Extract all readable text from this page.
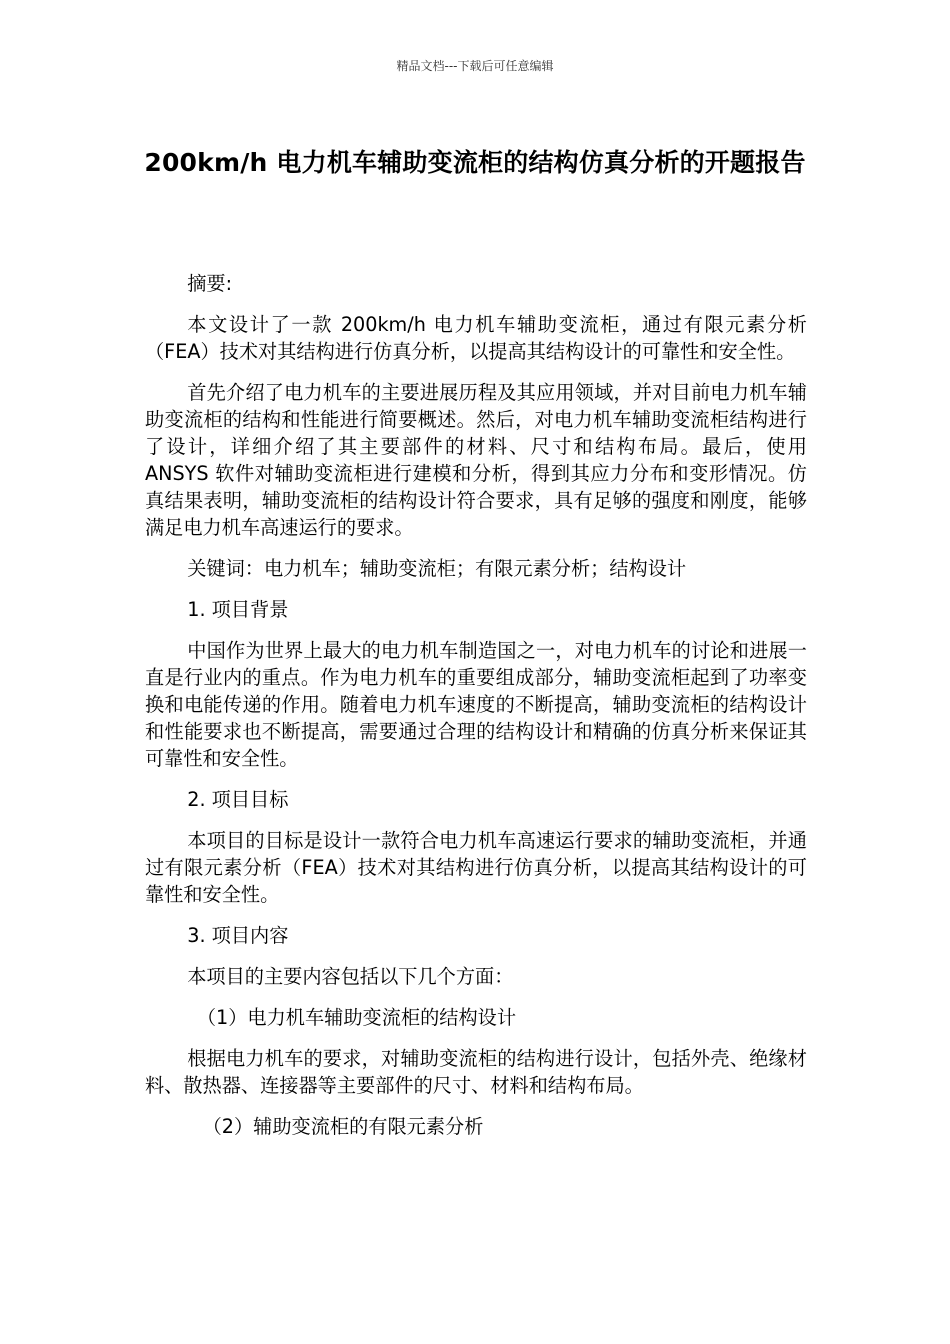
精品文档---下载后可任意编辑
200km/h 电力机车辅助变流柜的结构仿真分析的开题报告

摘要:

本文设计了一款 200km/h 电力机车辅助变流柜，通过有限元素分析（FEA）技术对其结构进行仿真分析，以提高其结构设计的可靠性和安全性。

首先介绍了电力机车的主要进展历程及其应用领域，并对目前电力机车辅助变流柜的结构和性能进行简要概述。然后，对电力机车辅助变流柜结构进行了设计，详细介绍了其主要部件的材料、尺寸和结构布局。最后，使用 ANSYS 软件对辅助变流柜进行建模和分析，得到其应力分布和变形情况。仿真结果表明，辅助变流柜的结构设计符合要求，具有足够的强度和刚度，能够满足电力机车高速运行的要求。

关键词：电力机车；辅助变流柜；有限元素分析；结构设计

1. 项目背景

中国作为世界上最大的电力机车制造国之一，对电力机车的讨论和进展一直是行业内的重点。作为电力机车的重要组成部分，辅助变流柜起到了功率变换和电能传递的作用。随着电力机车速度的不断提高，辅助变流柜的结构设计和性能要求也不断提高，需要通过合理的结构设计和精确的仿真分析来保证其可靠性和安全性。

2. 项目目标

本项目的目标是设计一款符合电力机车高速运行要求的辅助变流柜，并通过有限元素分析（FEA）技术对其结构进行仿真分析，以提高其结构设计的可靠性和安全性。

3. 项目内容

本项目的主要内容包括以下几个方面：

（1）电力机车辅助变流柜的结构设计

根据电力机车的要求，对辅助变流柜的结构进行设计，包括外壳、绝缘材料、散热器、连接器等主要部件的尺寸、材料和结构布局。

（2）辅助变流柜的有限元素分析
